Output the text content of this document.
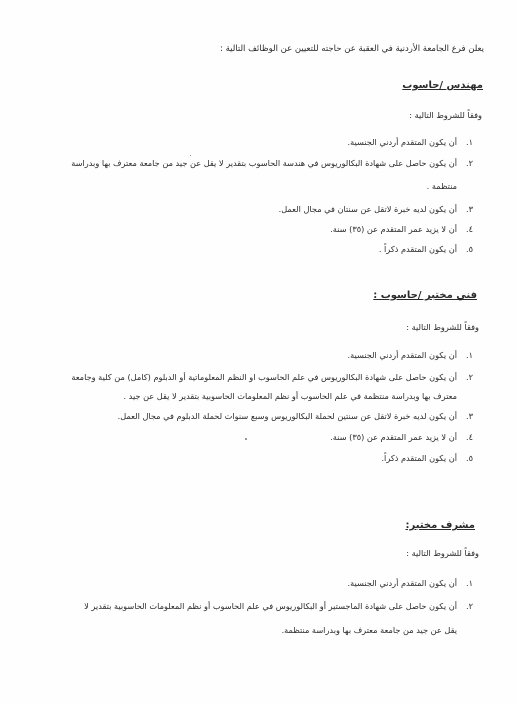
يعلن فرع الجامعة الأردنية في العقبة عن حاجته للتعيين عن الوظائف التالية :
مهندس /حاسوب
وفقاً للشروط التالية :
١.أن يكون المتقدم أردني الجنسية.
٢.أن يكون حاصل على شهادة البكالوريوس في هندسة الحاسوب بتقدير لا يقل عن جيد من جامعة معترف بها وبدراسة
منتظمة .
٣.أن يكون لديه خبرة لاتقل عن سنتان في مجال العمل.
٤.أن لا يزيد عمر المتقدم عن (٣٥) سنة.
٥.أن يكون المتقدم ذكراً .
فني مختبر /حاسوب :
وفقاً للشروط التالية :
١.أن يكون المتقدم أردني الجنسية.
٢.أن يكون حاصل على شهادة البكالوريوس في علم الحاسوب او النظم المعلوماتية أو الدبلوم (كامل) من كلية وجامعة
معترف بها وبدراسة منتظمة في علم الحاسوب أو نظم المعلومات الحاسوبية بتقدير لا يقل عن جيد .
٣.أن يكون لديه خبرة لاتقل عن سنتين لحملة البكالوريوس وسبع سنوات لحملة الدبلوم في مجال العمل.
٤.أن لا يزيد عمر المتقدم عن (٣٥) سنة.
٥.أن يكون المتقدم ذكراً.
مشرف مختبر:
وفقاً للشروط التالية :
١.أن يكون المتقدم أردني الجنسية.
٢.أن يكون حاصل على شهادة الماجستير أو البكالوريوس في علم الحاسوب أو نظم المعلومات الحاسوبية بتقدير لا
يقل عن جيد من جامعة معترف بها وبدراسة منتظمة.
